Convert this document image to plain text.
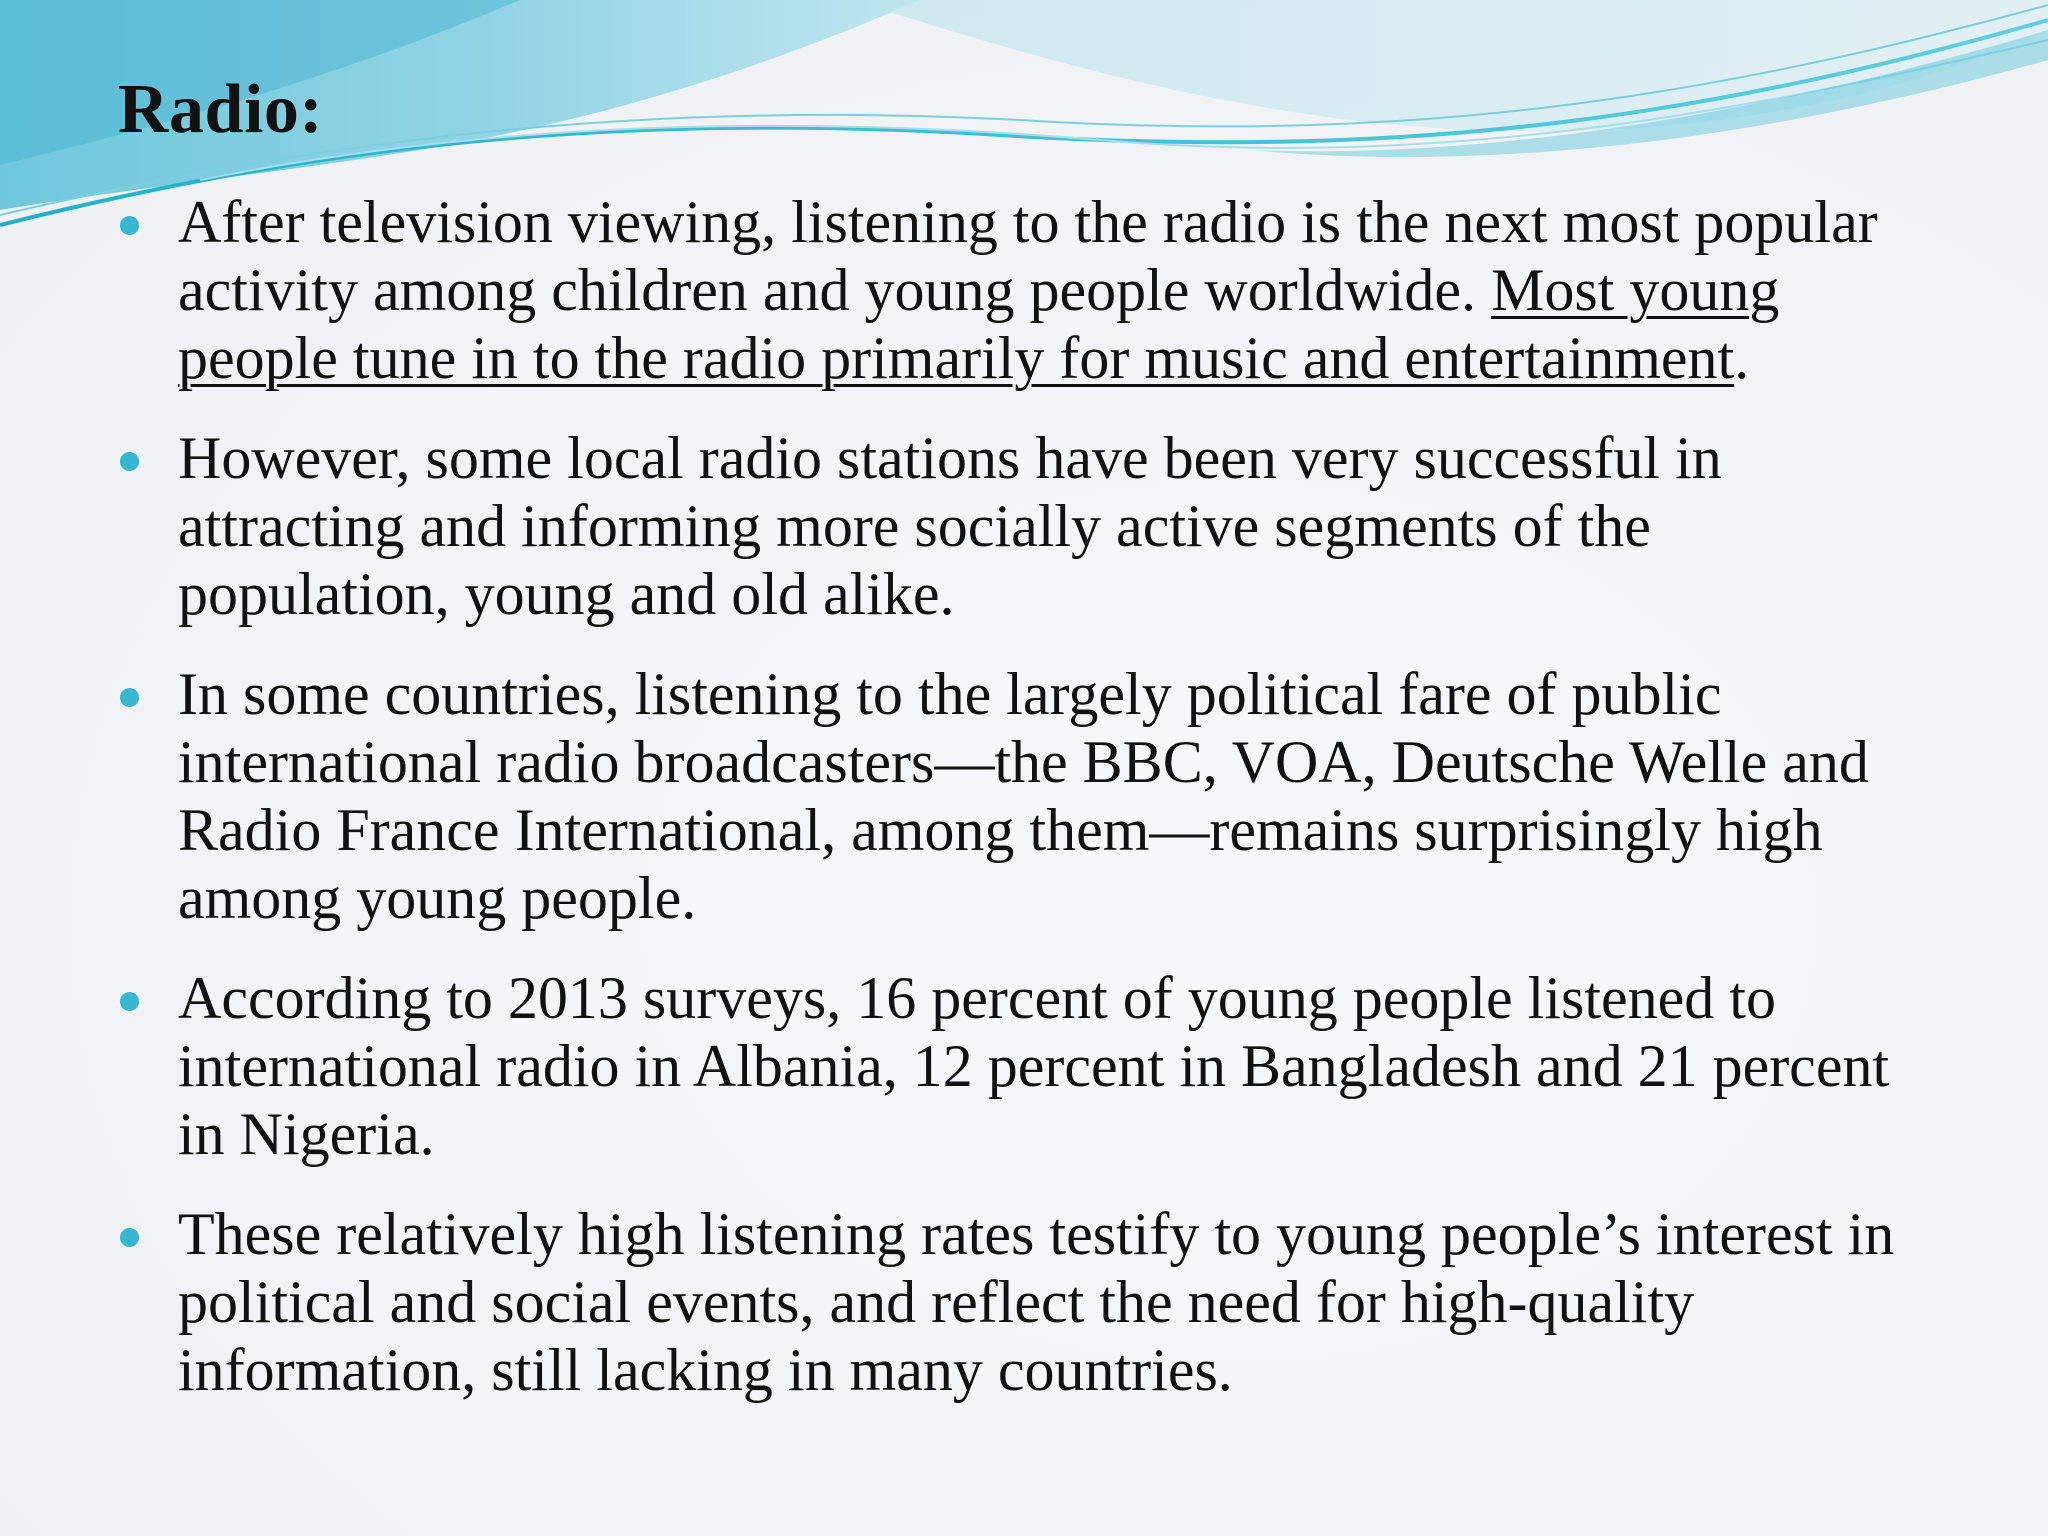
Radio:
After television viewing, listening to the radio is the next most popular activity among children and young people worldwide. Most young people tune in to the radio primarily for music and entertainment.
However, some local radio stations have been very successful in attracting and informing more socially active segments of the population, young and old alike.
In some countries, listening to the largely political fare of public international radio broadcasters—the BBC, VOA, Deutsche Welle and Radio France International, among them—remains surprisingly high among young people.
According to 2013 surveys, 16 percent of young people listened to international radio in Albania, 12 percent in Bangladesh and 21 percent in Nigeria.
These relatively high listening rates testify to young people’s interest in political and social events, and reflect the need for high-quality information, still lacking in many countries.
